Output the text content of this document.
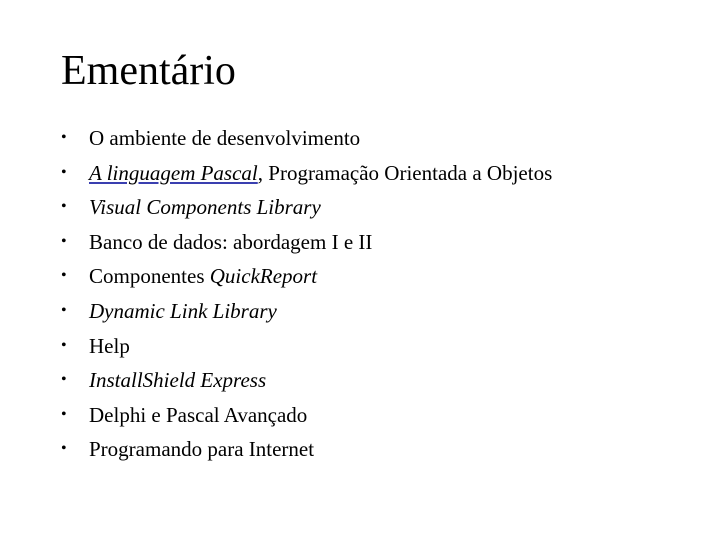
Ementário
• O ambiente de desenvolvimento
• A linguagem Pascal, Programação Orientada a Objetos
• Visual Components Library
• Banco de dados: abordagem I e II
• Componentes QuickReport
• Dynamic Link Library
• Help
• InstallShield Express
• Delphi e Pascal Avançado
• Programando para Internet
